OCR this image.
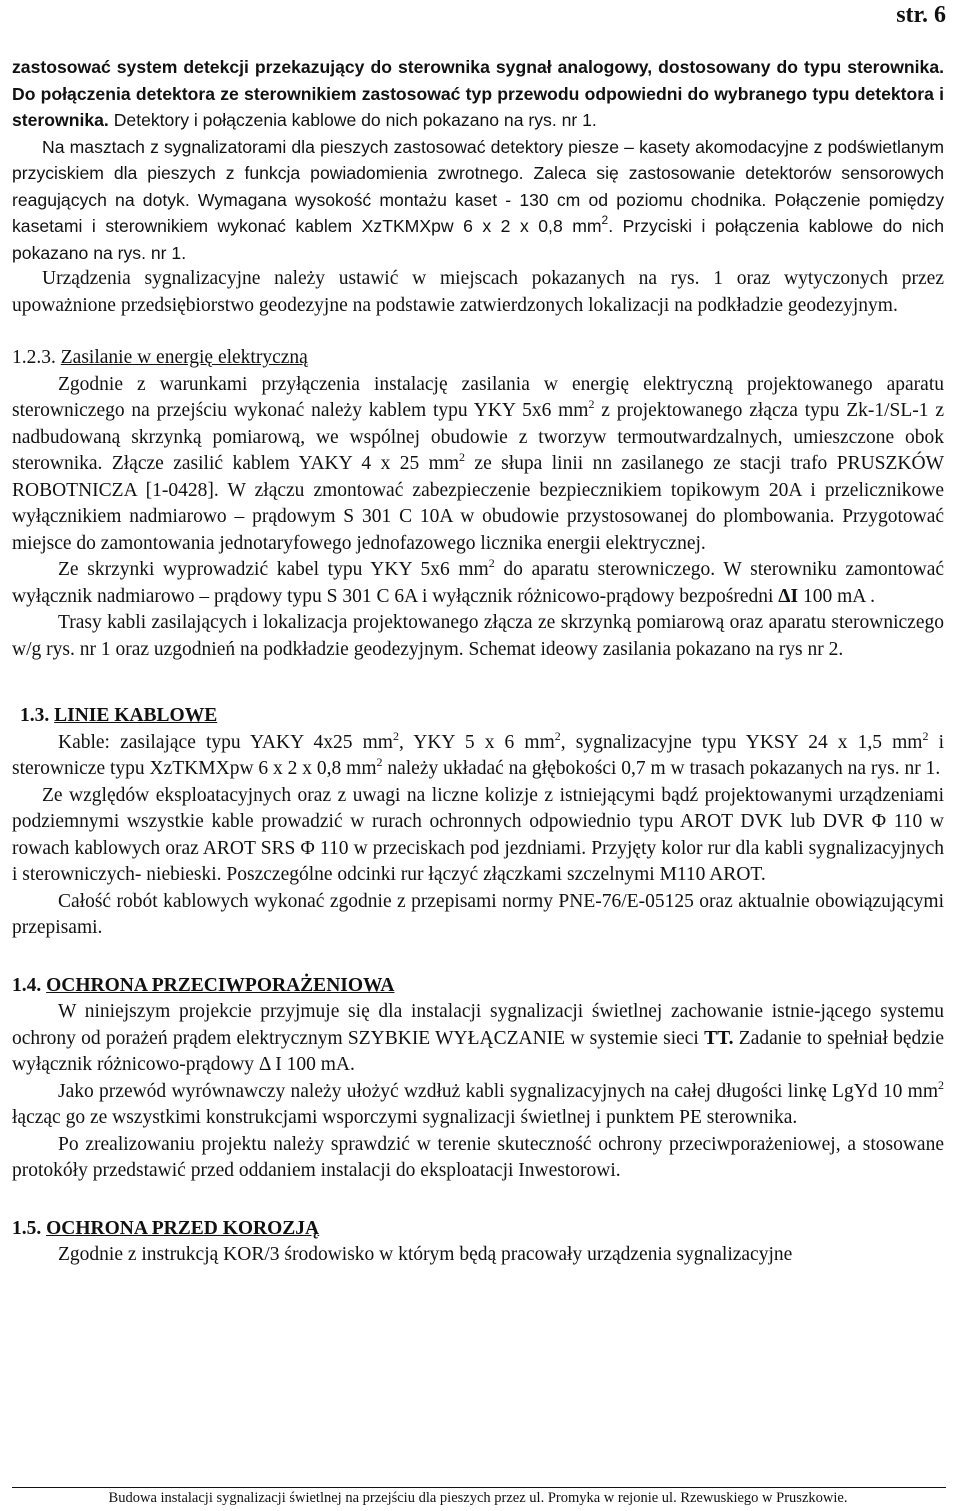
str. 6

zastosować system detekcji przekazujący do sterownika sygnał analogowy, dostosowany do typu sterownika. Do połączenia detektora ze sterownikiem zastosować typ przewodu odpowiedni do wybranego typu detektora i sterownika. Detektory i połączenia kablowe do nich pokazano na rys. nr 1.

Na masztach z sygnalizatorami dla pieszych zastosować detektory piesze – kasety akomodacyjne z podświetlanym przyciskiem dla pieszych z funkcja powiadomienia zwrotnego. Zaleca się zastosowanie detektorów sensorowych reagujących na dotyk. Wymagana wysokość montażu kaset - 130 cm od poziomu chodnika. Połączenie pomiędzy kasetami i sterownikiem wykonać kablem XzTKMXpw 6 x 2 x 0,8 $mm^2$. Przyciski i połączenia kablowe do nich pokazano na rys. nr 1.

Urządzenia sygnalizacyjne należy ustawić w miejscach pokazanych na rys. 1 oraz wytyczonych przez upoważnione przedsiębiorstwo geodezyjne na podstawie zatwierdzonych lokalizacji na podkładzie geodezyjnym.

1.2.3. Zasilanie w energię elektryczną

Zgodnie z warunkami przyłączenia instalację zasilania w energię elektryczną projektowanego aparatu sterowniczego na przejściu wykonać należy kablem typu YKY 5x6 $mm^2$ z projektowanego złącza typu Zk-1/SL-1 z nadbudowaną skrzynką pomiarową, we wspólnej obudowie z tworzyw termoutwardzalnych, umieszczone obok sterownika. Złącze zasilić kablem YAKY 4 x 25 $mm^2$ ze słupa linii nn zasilanego ze stacji trafo PRUSZKÓW ROBOTNICZA [1-0428]. W złączu zmontować zabezpieczenie bezpiecznikiem topikowym 20A i przelicznikowe wyłącznikiem nadmiarowo – prądowym S 301 C 10A w obudowie przystosowanej do plombowania. Przygotować miejsce do zamontowania jednotaryfowego jednofazowego licznika energii elektrycznej.

Ze skrzynki wyprowadzić kabel typu YKY 5x6 $mm^2$ do aparatu sterowniczego. W sterowniku zamontować wyłącznik nadmiarowo – prądowy typu S 301 C 6A i wyłącznik różnicowo-prądowy bezpośredni ΔI 100 mA .

Trasy kabli zasilających i lokalizacja projektowanego złącza ze skrzynką pomiarową oraz aparatu sterowniczego w/g rys. nr 1 oraz uzgodnień na podkładzie geodezyjnym. Schemat ideowy zasilania pokazano na rys nr 2.

1.3. LINIE KABLOWE

Kable: zasilające typu YAKY 4x25 $mm^2$, YKY 5 x 6 $mm^2$, sygnalizacyjne typu YKSY 24 x 1,5 $mm^2$ i sterownicze typu XzTKMXpw 6 x 2 x 0,8 $mm^2$ należy układać na głębokości 0,7 m w trasach pokazanych na rys. nr 1.

Ze względów eksploatacyjnych oraz z uwagi na liczne kolizje z istniejącymi bądź projektowanymi urządzeniami podziemnymi wszystkie kable prowadzić w rurach ochronnych odpowiednio typu AROT DVK lub DVR Φ 110 w rowach kablowych oraz AROT SRS Φ 110 w przeciskach pod jezdniami. Przyjęty kolor rur dla kabli sygnalizacyjnych i sterowniczych- niebieski. Poszczególne odcinki rur łączyć złączkami szczelnymi M110 AROT.

Całość robót kablowych wykonać zgodnie z przepisami normy PNE-76/E-05125 oraz aktualnie obowiązującymi przepisami.

1.4. OCHRONA PRZECIWPORAŻENIOWA

W niniejszym projekcie przyjmuje się dla instalacji sygnalizacji świetlnej zachowanie istnie-jącego systemu ochrony od porażeń prądem elektrycznym SZYBKIE WYŁĄCZANIE w systemie sieci TT. Zadanie to spełniał będzie wyłącznik różnicowo-prądowy Δ I 100 mA.

Jako przewód wyrównawczy należy ułożyć wzdłuż kabli sygnalizacyjnych na całej długości linkę LgYd 10 $mm^2$ łącząc go ze wszystkimi konstrukcjami wsporczymi sygnalizacji świetlnej i punktem PE sterownika.

Po zrealizowaniu projektu należy sprawdzić w terenie skuteczność ochrony przeciwporażeniowej, a stosowane protokóły przedstawić przed oddaniem instalacji do eksploatacji Inwestorowi.

1.5. OCHRONA PRZED KOROZJĄ

Zgodnie z instrukcją KOR/3 środowisko w którym będą pracowały urządzenia sygnalizacyjne

Budowa instalacji sygnalizacji świetlnej na przejściu dla pieszych przez ul. Promyka w rejonie ul. Rzewuskiego w Pruszkowie.
